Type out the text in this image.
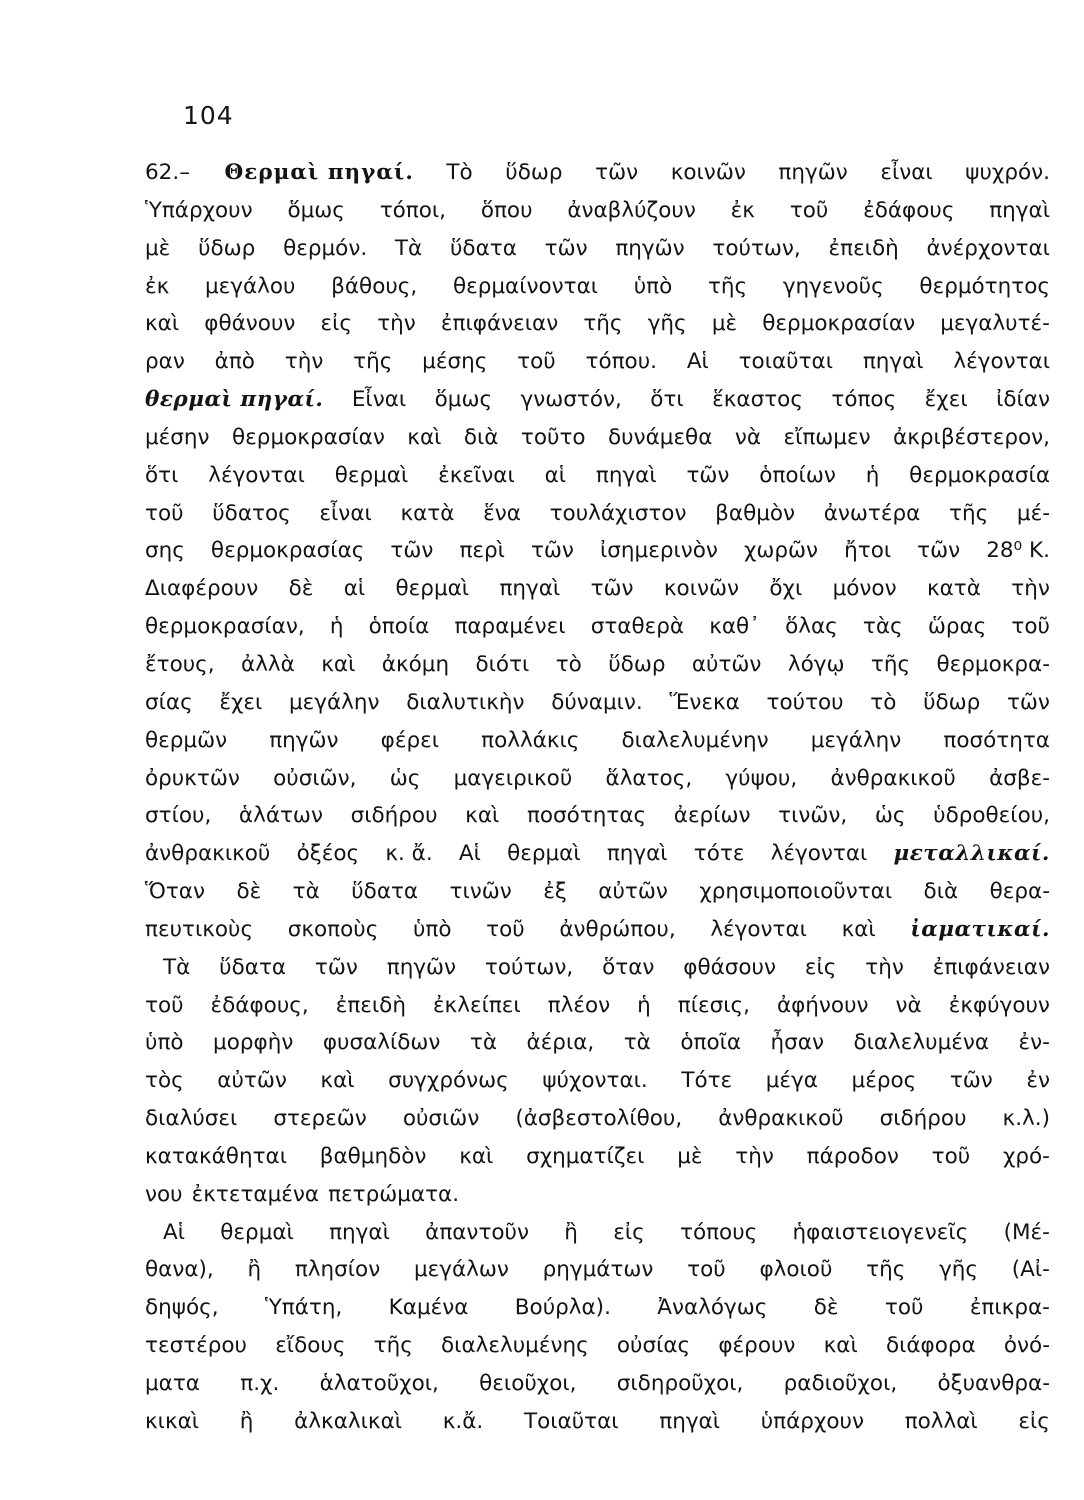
104
62.– Θερμαὶ πηγαί. Τὸ ὕδωρ τῶν κοινῶν πηγῶν εἶναι ψυχρόν.
Ὑπάρχουν ὅμως τόποι, ὅπου ἀναβλύζουν ἐκ τοῦ ἐδάφους πηγαὶ
μὲ ὕδωρ θερμόν. Τὰ ὕδατα τῶν πηγῶν τούτων, ἐπειδὴ ἀνέρχονται
ἐκ μεγάλου βάθους, θερμαίνονται ὑπὸ τῆς γηγενοῦς θερμότητος
καὶ φθάνουν εἰς τὴν ἐπιφάνειαν τῆς γῆς μὲ θερμοκρασίαν μεγαλυτέ-
ραν ἀπὸ τὴν τῆς μέσης τοῦ τόπου. Αἱ τοιαῦται πηγαὶ λέγονται
θερμαὶ πηγαί. Εἶναι ὅμως γνωστόν, ὅτι ἕκαστος τόπος ἔχει ἰδίαν
μέσην θερμοκρασίαν καὶ διὰ τοῦτο δυνάμεθα νὰ εἴπωμεν ἀκριβέστερον,
ὅτι λέγονται θερμαὶ ἐκεῖναι αἱ πηγαὶ τῶν ὁποίων ἡ θερμοκρασία
τοῦ ὕδατος εἶναι κατὰ ἕνα τουλάχιστον βαθμὸν ἀνωτέρα τῆς μέ-
σης θερμοκρασίας τῶν περὶ τῶν ἰσημερινὸν χωρῶν ἤτοι τῶν 28⁰ Κ.
Διαφέρουν δὲ αἱ θερμαὶ πηγαὶ τῶν κοινῶν ὄχι μόνον κατὰ τὴν
θερμοκρασίαν, ἡ ὁποία παραμένει σταθερὰ καθ᾽ ὅλας τὰς ὥρας τοῦ
ἔτους, ἀλλὰ καὶ ἀκόμη διότι τὸ ὕδωρ αὐτῶν λόγῳ τῆς θερμοκρα-
σίας ἔχει μεγάλην διαλυτικὴν δύναμιν. Ἕνεκα τούτου τὸ ὕδωρ τῶν
θερμῶν πηγῶν φέρει πολλάκις διαλελυμένην μεγάλην ποσότητα
ὀρυκτῶν οὐσιῶν, ὡς μαγειρικοῦ ἅλατος, γύψου, ἀνθρακικοῦ ἀσβε-
στίου, ἁλάτων σιδήρου καὶ ποσότητας ἀερίων τινῶν, ὡς ὑδροθείου,
ἀνθρακικοῦ ὀξέος κ. ἄ. Αἱ θερμαὶ πηγαὶ τότε λέγονται μεταλλικαί.
Ὅταν δὲ τὰ ὕδατα τινῶν ἐξ αὐτῶν χρησιμοποιοῦνται διὰ θερα-
πευτικοὺς σκοποὺς ὑπὸ τοῦ ἀνθρώπου, λέγονται καὶ ἰαματικαί.
Τὰ ὕδατα τῶν πηγῶν τούτων, ὅταν φθάσουν εἰς τὴν ἐπιφάνειαν
τοῦ ἐδάφους, ἐπειδὴ ἐκλείπει πλέον ἡ πίεσις, ἀφήνουν νὰ ἐκφύγουν
ὑπὸ μορφὴν φυσαλίδων τὰ ἀέρια, τὰ ὁποῖα ἦσαν διαλελυμένα ἐν-
τὸς αὐτῶν καὶ συγχρόνως ψύχονται. Τότε μέγα μέρος τῶν ἐν
διαλύσει στερεῶν οὐσιῶν (ἀσβεστολίθου, ἀνθρακικοῦ σιδήρου κ.λ.)
κατακάθηται βαθμηδὸν καὶ σχηματίζει μὲ τὴν πάροδον τοῦ χρό-
νου ἐκτεταμένα πετρώματα.
Αἱ θερμαὶ πηγαὶ ἀπαντοῦν ἢ εἰς τόπους ἡφαιστειογενεῖς (Μέ-
θανα), ἢ πλησίον μεγάλων ρηγμάτων τοῦ φλοιοῦ τῆς γῆς (Αἰ-
δηψός, Ὑπάτη, Καμένα Βούρλα). Ἀναλόγως δὲ τοῦ ἐπικρα-
τεστέρου εἴδους τῆς διαλελυμένης οὐσίας φέρουν καὶ διάφορα ὀνό-
ματα π.χ. ἁλατοῦχοι, θειοῦχοι, σιδηροῦχοι, ραδιοῦχοι, ὀξυανθρα-
κικαὶ ἢ ἀλκαλικαὶ κ.ἄ. Τοιαῦται πηγαὶ ὑπάρχουν πολλαὶ εἰς
